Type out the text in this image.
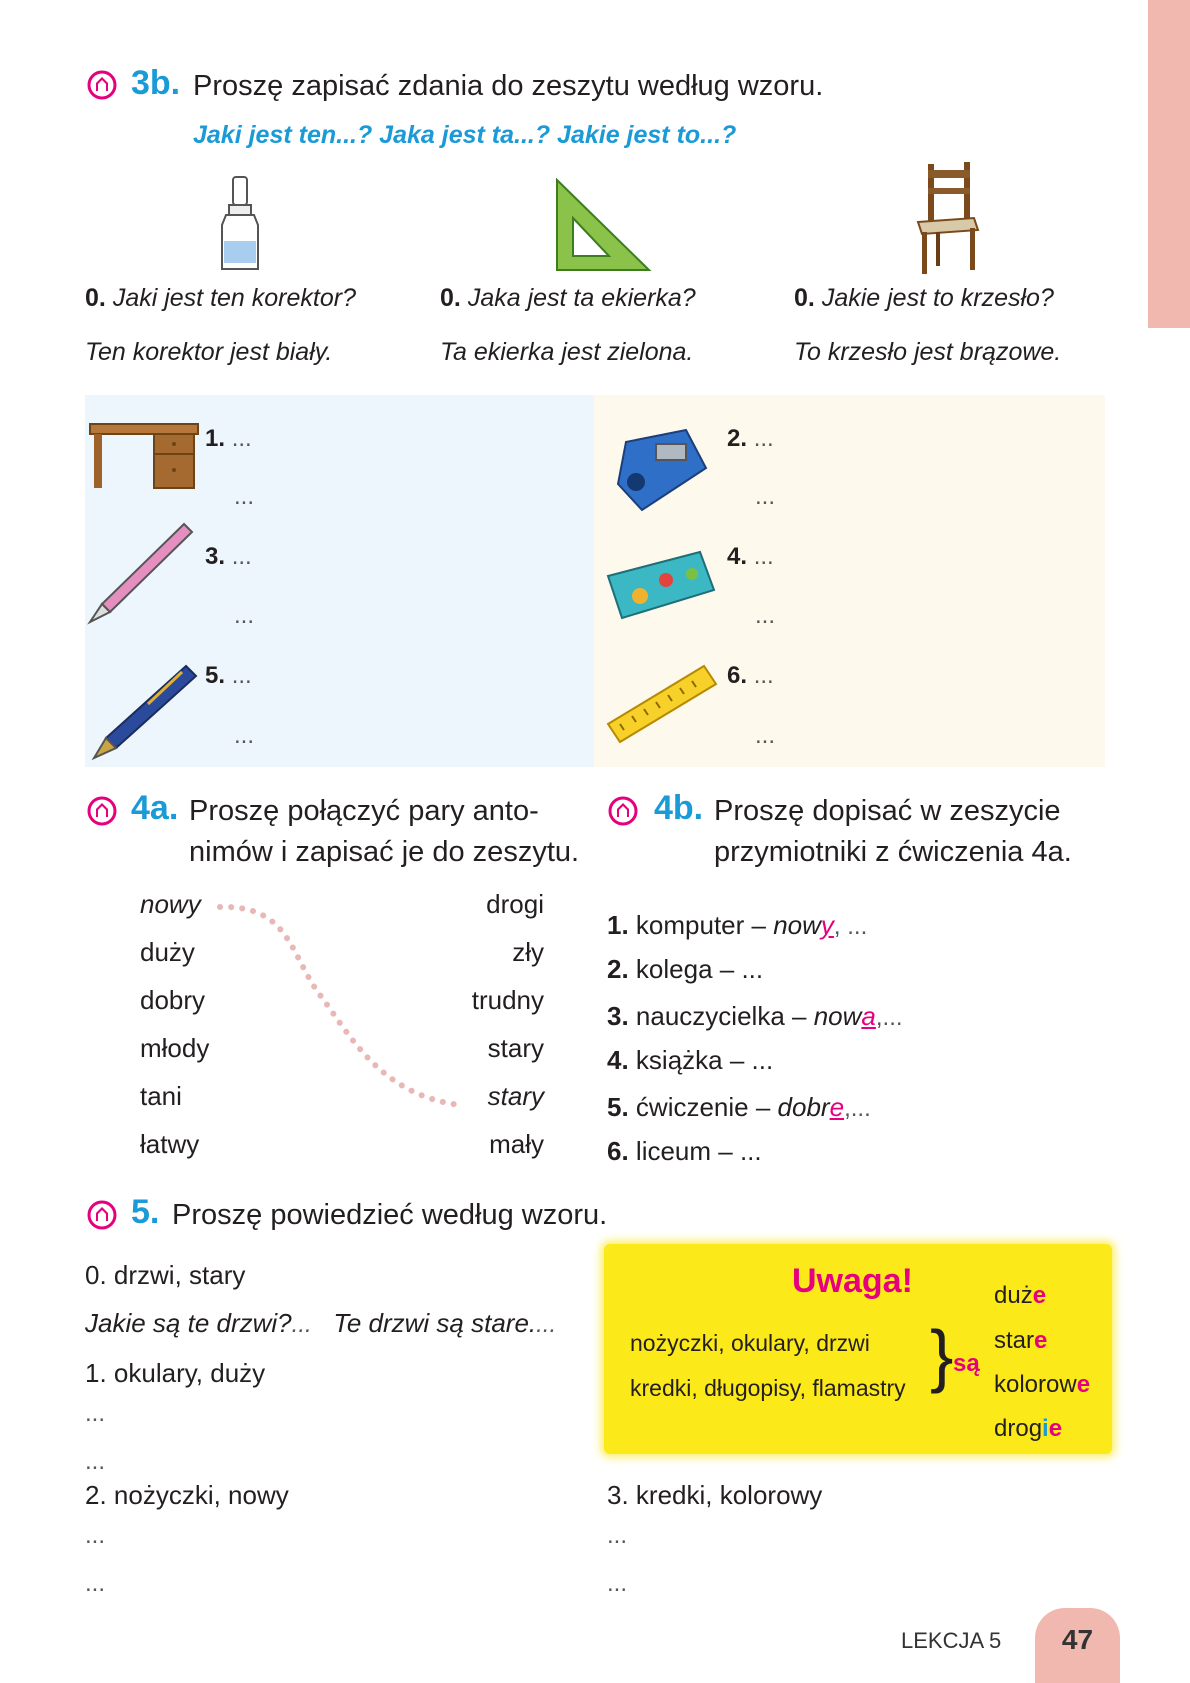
3b. Proszę zapisać zdania do zeszytu według wzoru.
Jaki jest ten...? Jaka jest ta...? Jakie jest to...?
0. Jaki jest ten korektor?
Ten korektor jest biały.
0. Jaka jest ta ekierka?
Ta ekierka jest zielona.
0. Jakie jest to krzesło?
To krzesło jest brązowe.
1. ...
...
3. ...
...
5. ...
...
2. ...
...
4. ...
...
6. ...
...
4a. Proszę połączyć pary anto-
nimów i zapisać je do zeszytu.
nowy
duży
dobry
młody
tani
łatwy
drogi
zły
trudny
stary
stary
mały
4b. Proszę dopisać w zeszycie
przymiotniki z ćwiczenia 4a.
1. komputer – nowy, ...
2. kolega – ...
3. nauczycielka – nowa,...
4. książka – ...
5. ćwiczenie – dobre,...
6. liceum – ...
5. Proszę powiedzieć według wzoru.
0. drzwi, stary
Jakie są te drzwi?... Te drzwi są stare....
1. okulary, duży
...
...
2. nożyczki, nowy
...
...
3. kredki, kolorowy
...
...
Uwaga!
nożyczki, okulary, drzwi
kredki, długopisy, flamastry } są
duże
stare
kolorowe
drogie
LEKCJA 5	47
